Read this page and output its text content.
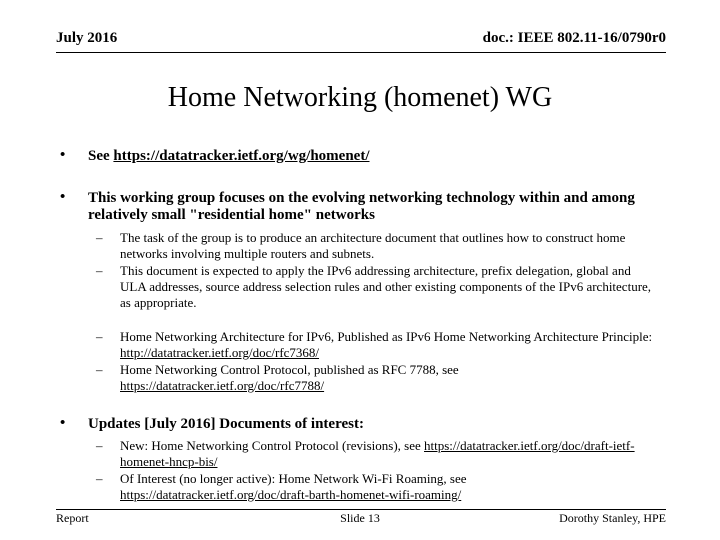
July 2016	doc.: IEEE 802.11-16/0790r0
Home Networking (homenet) WG
• See https://datatracker.ietf.org/wg/homenet/
• This working group focuses on the evolving networking technology within and among relatively small "residential home" networks
– The task of the group is to produce an architecture document that outlines how to construct home networks involving multiple routers and subnets.
– This document is expected to apply the IPv6 addressing architecture, prefix delegation, global and ULA addresses, source address selection rules and other existing components of the IPv6 architecture, as appropriate.
– Home Networking Architecture for IPv6, Published as IPv6 Home Networking Architecture Principle: http://datatracker.ietf.org/doc/rfc7368/
– Home Networking Control Protocol, published as RFC 7788, see https://datatracker.ietf.org/doc/rfc7788/
• Updates [July 2016] Documents of interest:
– New: Home Networking Control Protocol (revisions), see https://datatracker.ietf.org/doc/draft-ietf-homenet-hncp-bis/
– Of Interest (no longer active): Home Network Wi-Fi Roaming, see https://datatracker.ietf.org/doc/draft-barth-homenet-wifi-roaming/
Report	Slide 13	Dorothy Stanley, HPE
